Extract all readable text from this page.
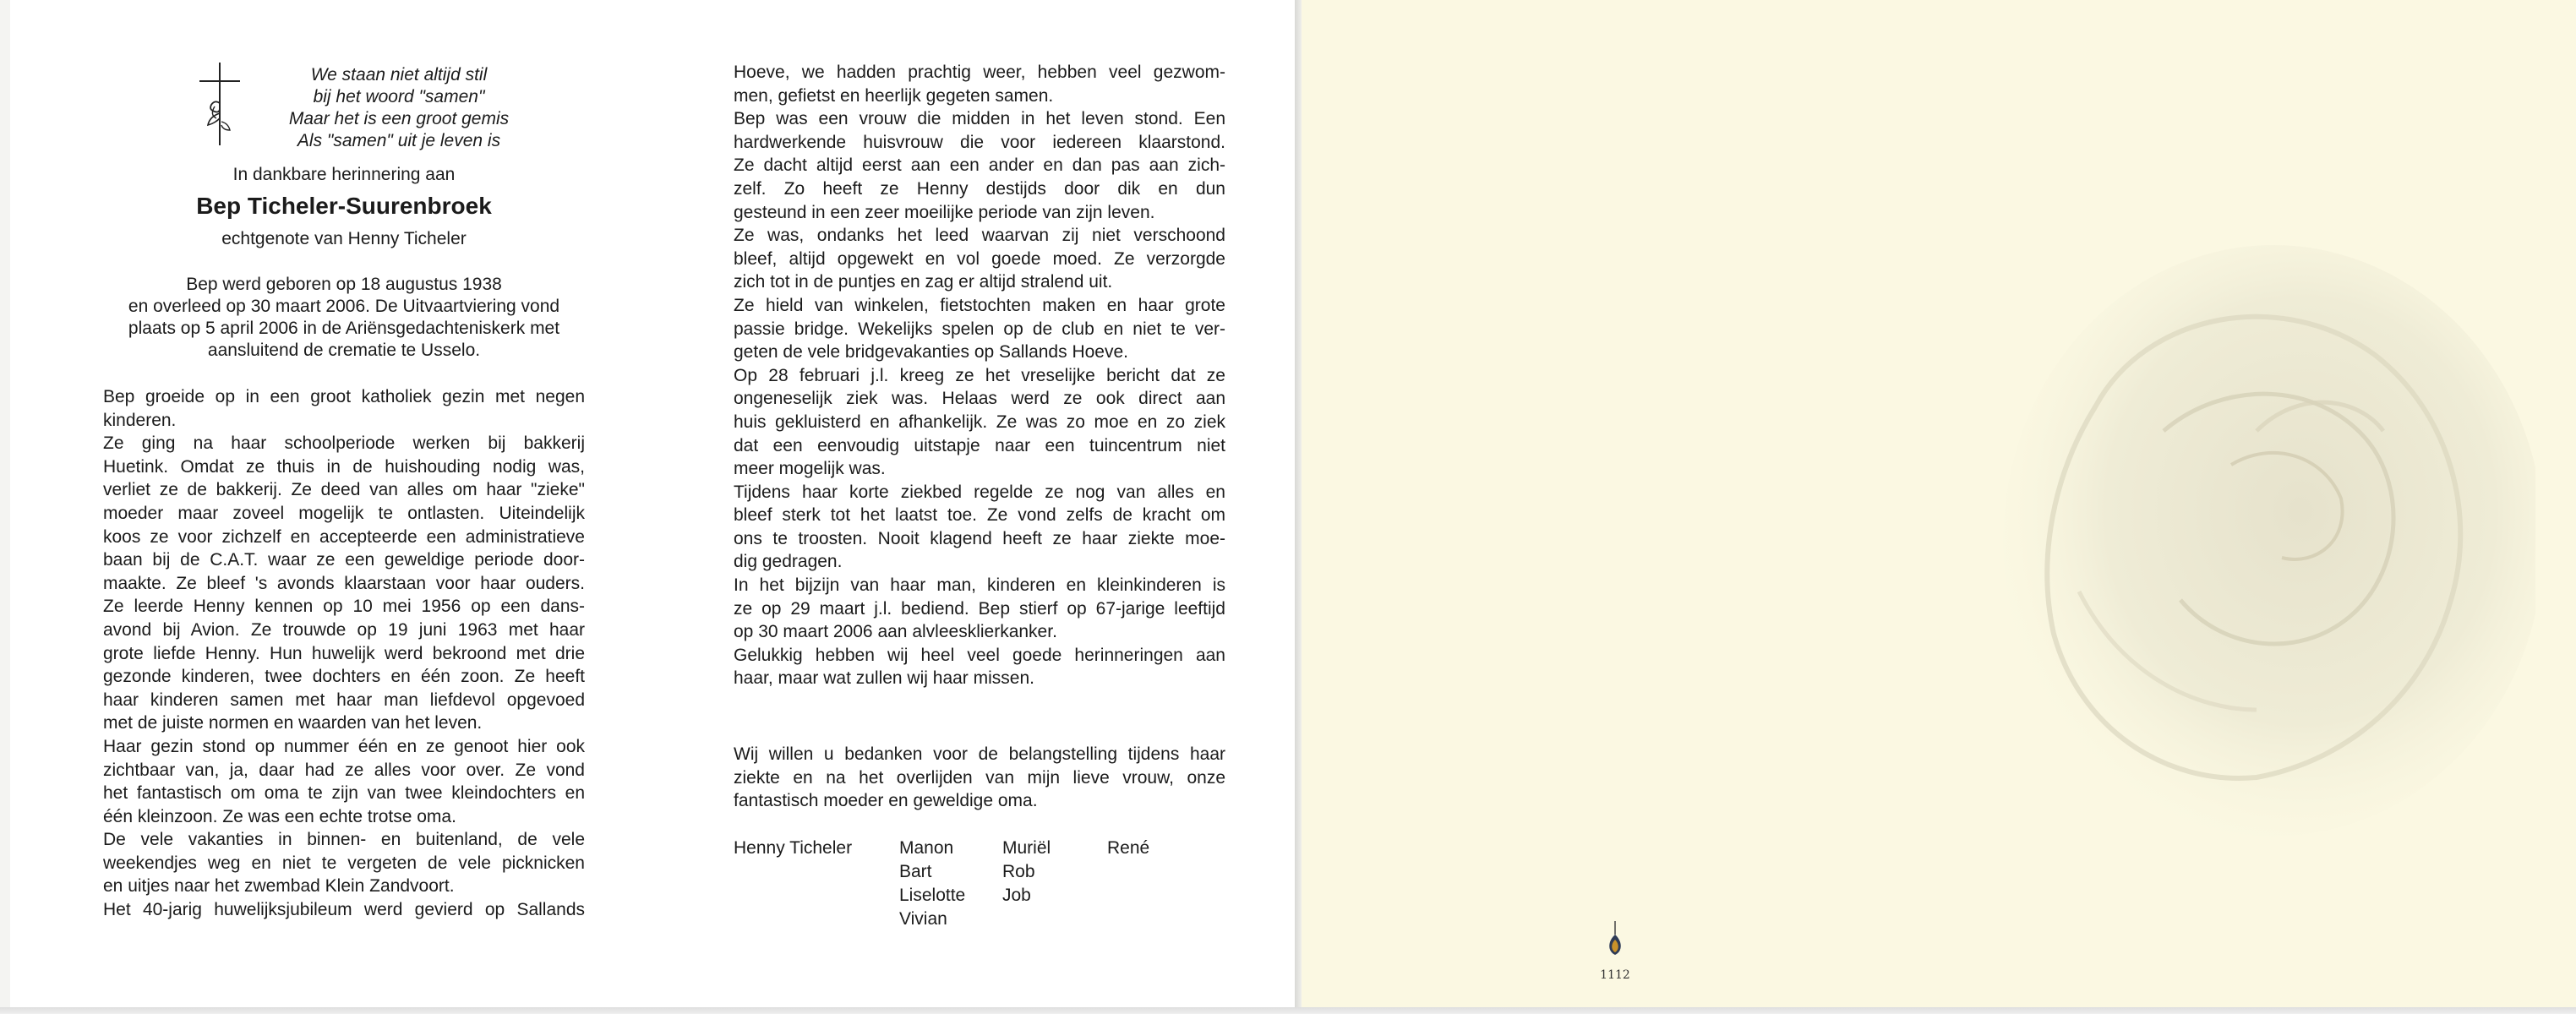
We staan niet altijd stil
bij het woord "samen"
Maar het is een groot gemis
Als "samen" uit je leven is
In dankbare herinnering aan
Bep Ticheler-Suurenbroek
echtgenote van Henny Ticheler
Bep werd geboren op 18 augustus 1938
en overleed op 30 maart 2006. De Uitvaartviering vond
plaats op 5 april 2006 in de Ariënsgedachteniskerk met
aansluitend de crematie te Usselo.

Bep groeide op in een groot katholiek gezin met negen

kinderen.

Ze ging na haar schoolperiode werken bij bakkerij

Huetink. Omdat ze thuis in de huishouding nodig was,

verliet ze de bakkerij. Ze deed van alles om haar "zieke"

moeder maar zoveel mogelijk te ontlasten. Uiteindelijk

koos ze voor zichzelf en accepteerde een administratieve

baan bij de C.A.T. waar ze een geweldige periode door-

maakte. Ze bleef 's avonds klaarstaan voor haar ouders.

Ze leerde Henny kennen op 10 mei 1956 op een dans-

avond bij Avion. Ze trouwde op 19 juni 1963 met haar

grote liefde Henny. Hun huwelijk werd bekroond met drie

gezonde kinderen, twee dochters en één zoon. Ze heeft

haar kinderen samen met haar man liefdevol opgevoed

met de juiste normen en waarden van het leven.

Haar gezin stond op nummer één en ze genoot hier ook

zichtbaar van, ja, daar had ze alles voor over. Ze vond

het fantastisch om oma te zijn van twee kleindochters en

één kleinzoon. Ze was een echte trotse oma.

De vele vakanties in binnen- en buitenland, de vele

weekendjes weg en niet te vergeten de vele picknicken

en uitjes naar het zwembad Klein Zandvoort.

Het 40-jarig huwelijksjubileum werd gevierd op Sallands

Hoeve, we hadden prachtig weer, hebben veel gezwom-

men, gefietst en heerlijk gegeten samen.

Bep was een vrouw die midden in het leven stond. Een

hardwerkende huisvrouw die voor iedereen klaarstond.

Ze dacht altijd eerst aan een ander en dan pas aan zich-

zelf. Zo heeft ze Henny destijds door dik en dun

gesteund in een zeer moeilijke periode van zijn leven.

Ze was, ondanks het leed waarvan zij niet verschoond

bleef, altijd opgewekt en vol goede moed. Ze verzorgde

zich tot in de puntjes en zag er altijd stralend uit.

Ze hield van winkelen, fietstochten maken en haar grote

passie bridge. Wekelijks spelen op de club en niet te ver-

geten de vele bridgevakanties op Sallands Hoeve.

Op 28 februari j.l. kreeg ze het vreselijke bericht dat ze

ongeneselijk ziek was. Helaas werd ze ook direct aan

huis gekluisterd en afhankelijk. Ze was zo moe en zo ziek

dat een eenvoudig uitstapje naar een tuincentrum niet

meer mogelijk was.

Tijdens haar korte ziekbed regelde ze nog van alles en

bleef sterk tot het laatst toe. Ze vond zelfs de kracht om

ons te troosten. Nooit klagend heeft ze haar ziekte moe-

dig gedragen.

In het bijzijn van haar man, kinderen en kleinkinderen is

ze op 29 maart j.l. bediend. Bep stierf op 67-jarige leeftijd

op 30 maart 2006 aan alvleesklierkanker.

Gelukkig hebben wij heel veel goede herinneringen aan

haar, maar wat zullen wij haar missen.

Wij willen u bedanken voor de belangstelling tijdens haar

ziekte en na het overlijden van mijn lieve vrouw, onze

fantastisch moeder en geweldige oma.

Henny Ticheler	Manon
Bart
Liselotte
Vivian
Muriël
Rob
Job
René
1112
